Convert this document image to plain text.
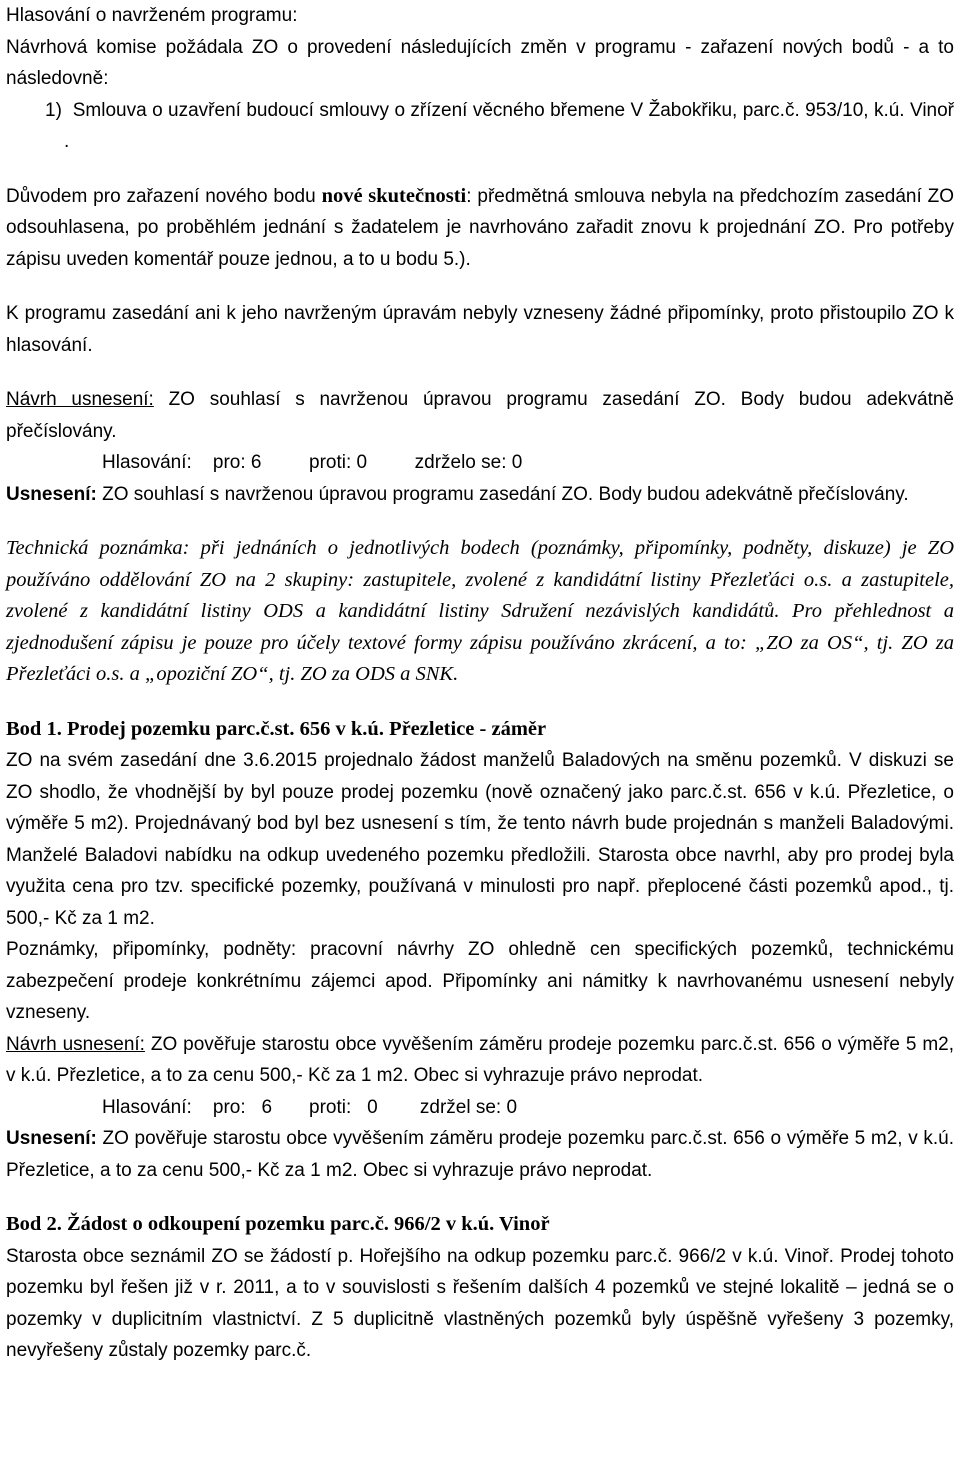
Hlasování o navrženém programu:

Návrhová komise požádala ZO o provedení následujících změn v programu - zařazení nových bodů - a to následovně:

1) Smlouva o uzavření budoucí smlouvy o zřízení věcného břemene V Žabokřiku, parc.č. 953/10, k.ú. Vinoř .

Důvodem pro zařazení nového bodu nové skutečnosti: předmětná smlouva nebyla na předchozím zasedání ZO odsouhlasena, po proběhlém jednání s žadatelem je navrhováno zařadit znovu k projednání ZO. Pro potřeby zápisu uveden komentář pouze jednou, a to u bodu 5.).

K programu zasedání ani k jeho navrženým úpravám nebyly vzneseny žádné připomínky, proto přistoupilo ZO k hlasování.

Návrh usnesení: ZO souhlasí s navrženou úpravou programu zasedání ZO. Body budou adekvátně přečíslovány.

Hlasování: pro: 6	proti: 0	zdrželo se: 0

Usnesení: ZO souhlasí s navrženou úpravou programu zasedání ZO. Body budou adekvátně přečíslovány.

Technická poznámka: při jednáních o jednotlivých bodech (poznámky, připomínky, podněty, diskuze) je ZO používáno oddělování ZO na 2 skupiny: zastupitele, zvolené z kandidátní listiny Přezleťáci o.s. a zastupitele, zvolené z kandidátní listiny ODS a kandidátní listiny Sdružení nezávislých kandidátů. Pro přehlednost a zjednodušení zápisu je pouze pro účely textové formy zápisu používáno zkrácení, a to: „ZO za OS“, tj. ZO za Přezleťáci o.s. a „opoziční ZO“, tj. ZO za ODS a SNK.

Bod 1. Prodej pozemku parc.č.st. 656 v k.ú. Přezletice - záměr

ZO na svém zasedání dne 3.6.2015 projednalo žádost manželů Baladových na směnu pozemků. V diskuzi se ZO shodlo, že vhodnější by byl pouze prodej pozemku (nově označený jako parc.č.st. 656 v k.ú. Přezletice, o výměře 5 m2). Projednávaný bod byl bez usnesení s tím, že tento návrh bude projednán s manželi Baladovými. Manželé Baladovi nabídku na odkup uvedeného pozemku předložili. Starosta obce navrhl, aby pro prodej byla využita cena pro tzv. specifické pozemky, používaná v minulosti pro např. přeplocené části pozemků apod., tj. 500,- Kč za 1 m2.

Poznámky, připomínky, podněty: pracovní návrhy ZO ohledně cen specifických pozemků, technickému zabezpečení prodeje konkrétnímu zájemci apod. Připomínky ani námitky k navrhovanému usnesení nebyly vzneseny.

Návrh usnesení: ZO pověřuje starostu obce vyvěšením záměru prodeje pozemku parc.č.st. 656 o výměře 5 m2, v k.ú. Přezletice, a to za cenu 500,- Kč za 1 m2. Obec si vyhrazuje právo neprodat.

Hlasování: pro:   6 proti:   0 zdržel se: 0

Usnesení: ZO pověřuje starostu obce vyvěšením záměru prodeje pozemku parc.č.st. 656 o výměře 5 m2, v k.ú. Přezletice, a to za cenu 500,- Kč za 1 m2. Obec si vyhrazuje právo neprodat.

Bod 2. Žádost o odkoupení pozemku parc.č. 966/2 v k.ú. Vinoř

Starosta obce seznámil ZO se žádostí p. Hořejšího na odkup pozemku parc.č. 966/2 v k.ú. Vinoř. Prodej tohoto pozemku byl řešen již v r. 2011, a to v souvislosti s řešením dalších 4 pozemků ve stejné lokalitě – jedná se o pozemky v duplicitním vlastnictví. Z 5 duplicitně vlastněných pozemků byly úspěšně vyřešeny 3 pozemky, nevyřešeny zůstaly pozemky parc.č.
